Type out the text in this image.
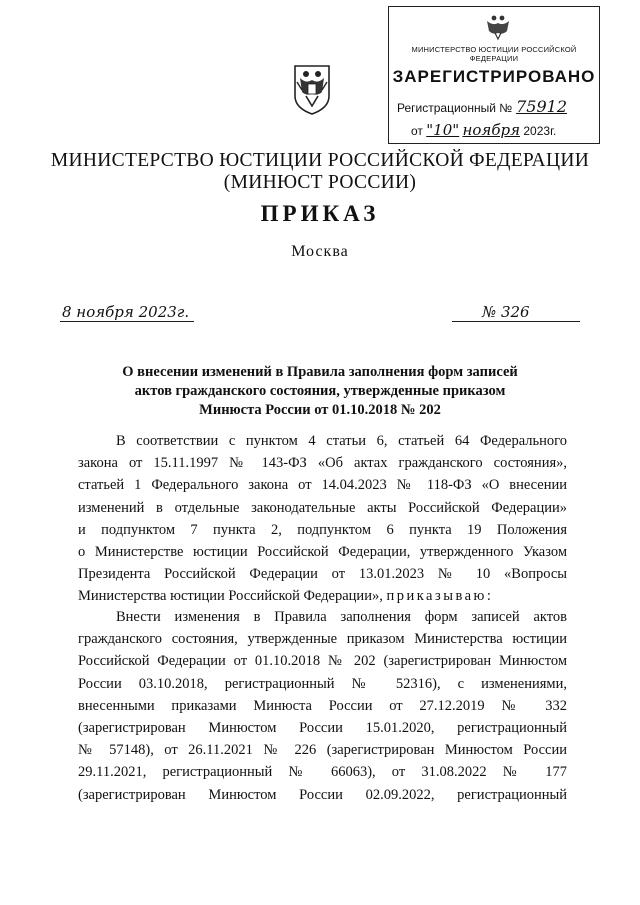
МИНИСТЕРСТВО ЮСТИЦИИ РОССИЙСКОЙ ФЕДЕРАЦИИ
ЗАРЕГИСТРИРОВАНО
Регистрационный № 75912
от "10" ноября 2023г.
МИНИСТЕРСТВО ЮСТИЦИИ РОССИЙСКОЙ ФЕДЕРАЦИИ
(МИНЮСТ РОССИИ)
ПРИКАЗ
Москва
8 ноября 2023г.	№ 326
О внесении изменений в Правила заполнения форм записей
актов гражданского состояния, утвержденные приказом
Минюста России от 01.10.2018 № 202
В соответствии с пунктом 4 статьи 6, статьей 64 Федерального
закона от 15.11.1997 № 143-ФЗ «Об актах гражданского состояния»,
статьей 1 Федерального закона от 14.04.2023 № 118-ФЗ «О внесении
изменений в отдельные законодательные акты Российской Федерации»
и подпунктом 7 пункта 2, подпунктом 6 пункта 19 Положения
о Министерстве юстиции Российской Федерации, утвержденного Указом
Президента Российской Федерации от 13.01.2023 № 10 «Вопросы
Министерства юстиции Российской Федерации», приказываю:
Внести изменения в Правила заполнения форм записей актов
гражданского состояния, утвержденные приказом Министерства юстиции
Российской Федерации от 01.10.2018 № 202 (зарегистрирован Минюстом
России 03.10.2018, регистрационный № 52316), с изменениями,
внесенными приказами Минюста России от 27.12.2019 № 332
(зарегистрирован Минюстом России 15.01.2020, регистрационный
№ 57148), от 26.11.2021 № 226 (зарегистрирован Минюстом России
29.11.2021, регистрационный № 66063), от 31.08.2022 № 177
(зарегистрирован Минюстом России 02.09.2022, регистрационный
